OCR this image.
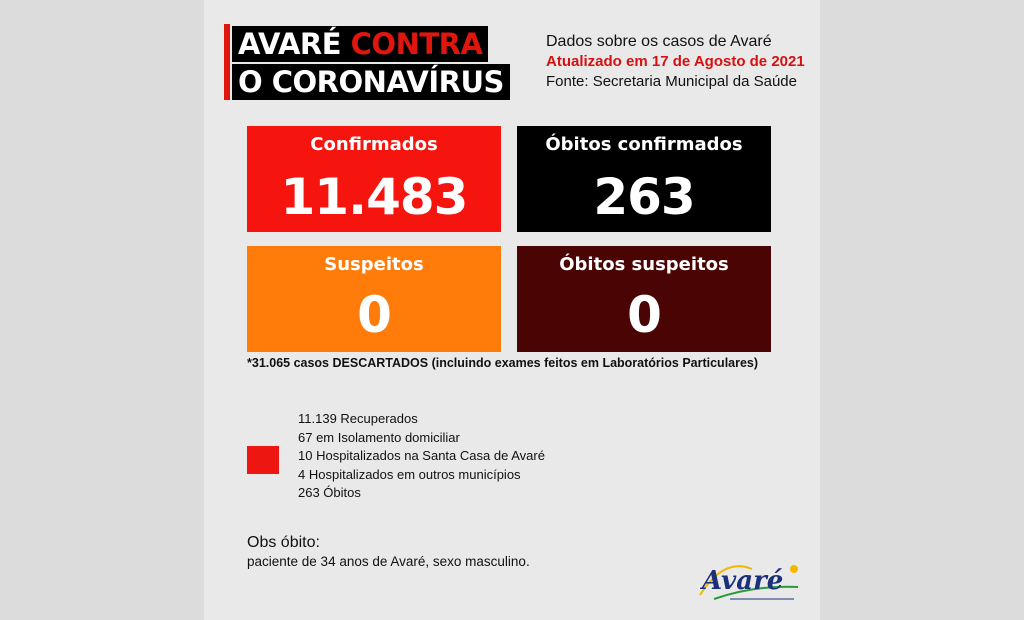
AVARÉ CONTRA
O CORONAVÍRUS
Dados sobre os casos de Avaré
Atualizado em 17 de Agosto de 2021
Fonte: Secretaria Municipal da Saúde
Confirmados
11.483
Óbitos confirmados
263
Suspeitos
0
Óbitos suspeitos
0
*31.065 casos DESCARTADOS (incluindo exames feitos em Laboratórios Particulares)
11.139 Recuperados
67 em Isolamento domiciliar
10 Hospitalizados na Santa Casa de Avaré
4 Hospitalizados em outros municípios
263 Óbitos
Obs óbito:
paciente de 34 anos de Avaré, sexo masculino.
Avaré
